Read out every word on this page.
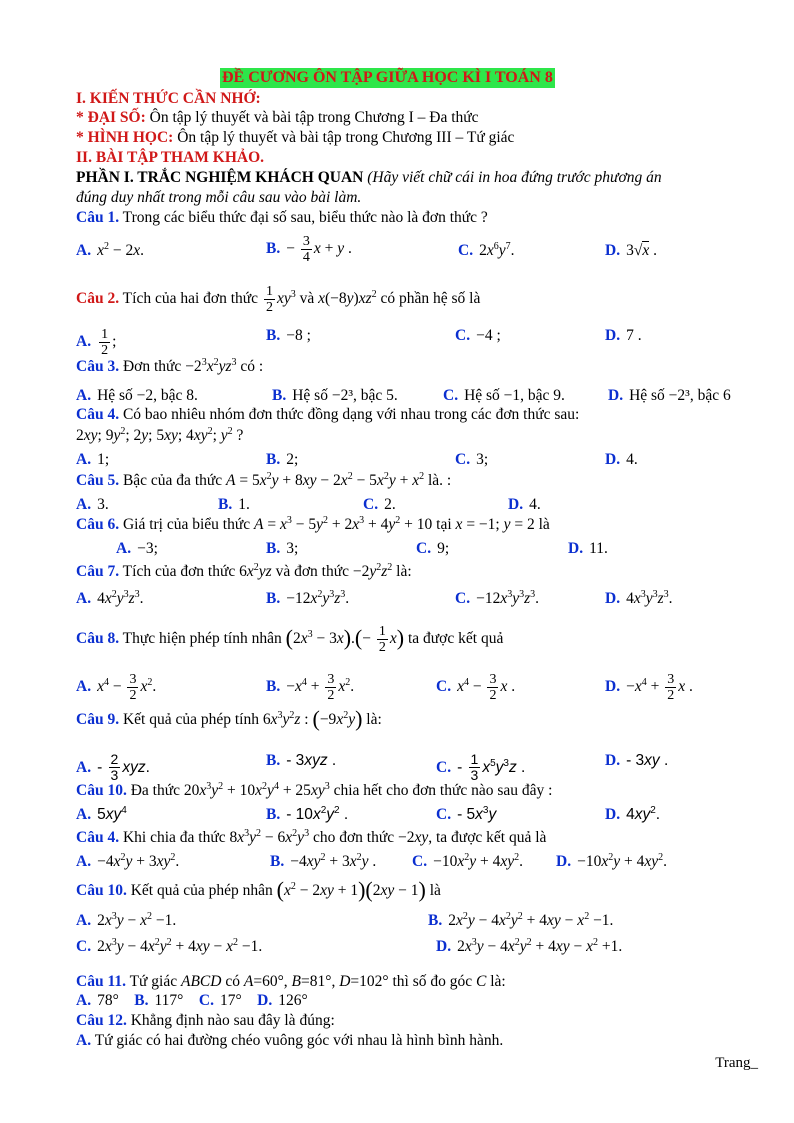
ĐỀ CƯƠNG ÔN TẬP GIỮA HỌC KÌ I TOÁN 8
I. KIẾN THỨC CẦN NHỚ:
* ĐẠI SỐ: Ôn tập lý thuyết và bài tập trong Chương I – Đa thức
* HÌNH HỌC: Ôn tập lý thuyết và bài tập trong Chương III – Tứ giác
II. BÀI TẬP THAM KHẢO.
PHẦN I. TRẮC NGHIỆM KHÁCH QUAN (Hãy viết chữ cái in hoa đứng trước phương án
đúng duy nhất trong mỗi câu sau vào bài làm.
Câu 1. Trong các biểu thức đại số sau, biểu thức nào là đơn thức ?
A. $x^2 - 2x$.	B. − $\frac{3}{4}$ x + y .	C. $2x^6y^7$.	D. 3√x .
Câu 2. Tích của hai đơn thức $\frac{1}{2} xy^3$ và $x(-8y)xz^2$ có phần hệ số là
A. $\frac{1}{2}$ ;	B. −8 ;	C. −4 ;	D. 7 .
Câu 3. Đơn thức $-2^3x^2yz^3$ có :
A. Hệ số −2, bậc 8.	B. Hệ số −2³, bậc 5.	C. Hệ số −1, bậc 9.	D. Hệ số −2³, bậc 6
Câu 4. Có bao nhiêu nhóm đơn thức đồng dạng với nhau trong các đơn thức sau:
2xy; $9y^2$; 2y; 5xy; $4xy^2$; $y^2$ ?
A. 1;	B. 2;	C. 3;	D. 4.
Câu 5. Bậc của đa thức $A = 5x^2y + 8xy - 2x^2 - 5x^2y + x^2$ là. :
A. 3.	B. 1.	C. 2.	D. 4.
Câu 6. Giá trị của biểu thức $A = x^3 - 5y^2 + 2x^3 + 4y^2 + 10$ tại x = −1; y = 2 là
A. −3;	B. 3;	C. 9;	D. 11.
Câu 7. Tích của đơn thức $6x^2yz$ và đơn thức $-2y^2z^2$ là:
A. $4x^2y^3z^3$.	B. $-12x^2y^3z^3$.	C. $-12x^3y^3z^3$.	D. $4x^3y^3z^3$.
Câu 8. Thực hiện phép tính nhân $(2x^3 - 3x).(- \frac{1}{2} x)$ ta được kết quả
A. $x^4 - \frac{3}{2} x^2$.	B. $-x^4 + \frac{3}{2} x^2$.	C. $x^4 - \frac{3}{2}$ x .	D. $-x^4 + \frac{3}{2}$ x .
Câu 9. Kết quả của phép tính $6x^3y^2z$ : $(-9x^2y)$ là:
A. - $\frac{2}{3}$ xyz.	B. - 3xyz .	C. - $\frac{1}{3} x^5y^3z$ .	D. - 3xy .
Câu 10. Đa thức $20x^3y^2 + 10x^2y^4 + 25xy^3$ chia hết cho đơn thức nào sau đây :
A. $5xy^4$	B. - $10x^2y^2$ .	C. - $5x^3y$	D. $4xy^2$.
Câu 4. Khi chia đa thức $8x^3y^2 - 6x^2y^3$ cho đơn thức −2xy, ta được kết quả là
A. $-4x^2y + 3xy^2$.	B. $-4xy^2 + 3x^2y$ . C. $-10x^2y + 4xy^2$. D. $-10x^2y + 4xy^2$.
Câu 10. Kết quả của phép nhân $(x^2 - 2xy + 1)(2xy - 1)$ là
A. $2x^3y - x^2 -1$.	B. $2x^2y - 4x^2y^2 + 4xy - x^2 -1$.
C. $2x^3y - 4x^2y^2 + 4xy - x^2 -1$.	D. $2x^3y - 4x^2y^2 + 4xy - x^2 +1$.
Câu 11. Tứ giác ABCD có A=60°, B=81°, D=102° thì số đo góc C là:
A. 78° B. 117° C. 17° D. 126°
Câu 12. Khẳng định nào sau đây là đúng:
A. Tứ giác có hai đường chéo vuông góc với nhau là hình bình hành.
Trang_
